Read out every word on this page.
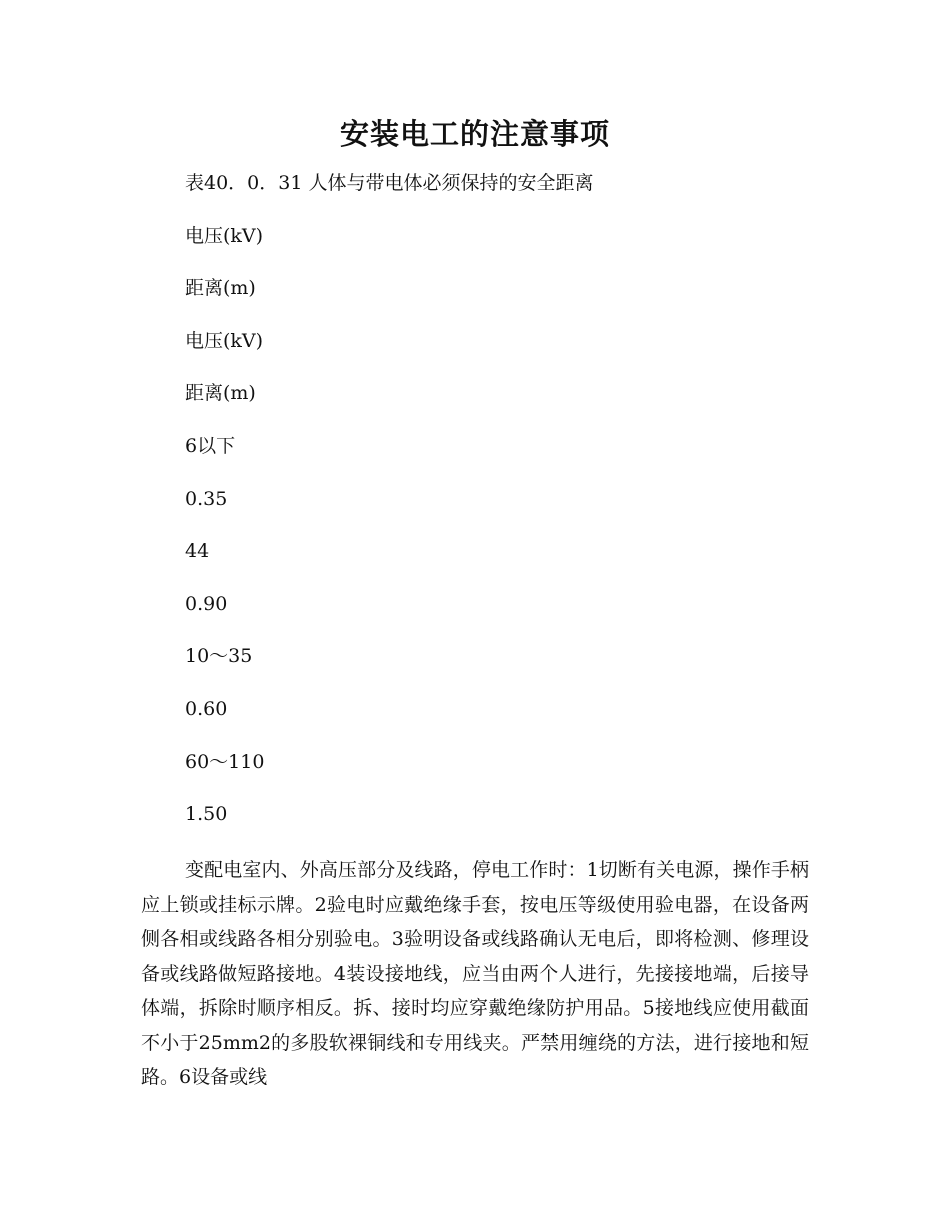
安装电工的注意事项

表40．0．31 人体与带电体必须保持的安全距离

电压(kV)

距离(m)

电压(kV)

距离(m)

6以下

0.35

44

0.90

10～35

0.60

60～110

1.50

变配电室内、外高压部分及线路，停电工作时：1切断有关电源，操作手柄应上锁或挂标示牌。2验电时应戴绝缘手套，按电压等级使用验电器，在设备两侧各相或线路各相分别验电。3验明设备或线路确认无电后，即将检测、修理设备或线路做短路接地。4装设接地线，应当由两个人进行，先接接地端，后接导体端，拆除时顺序相反。拆、接时均应穿戴绝缘防护用品。5接地线应使用截面不小于25mm2的多股软裸铜线和专用线夹。严禁用缠绕的方法，进行接地和短路。6设备或线
